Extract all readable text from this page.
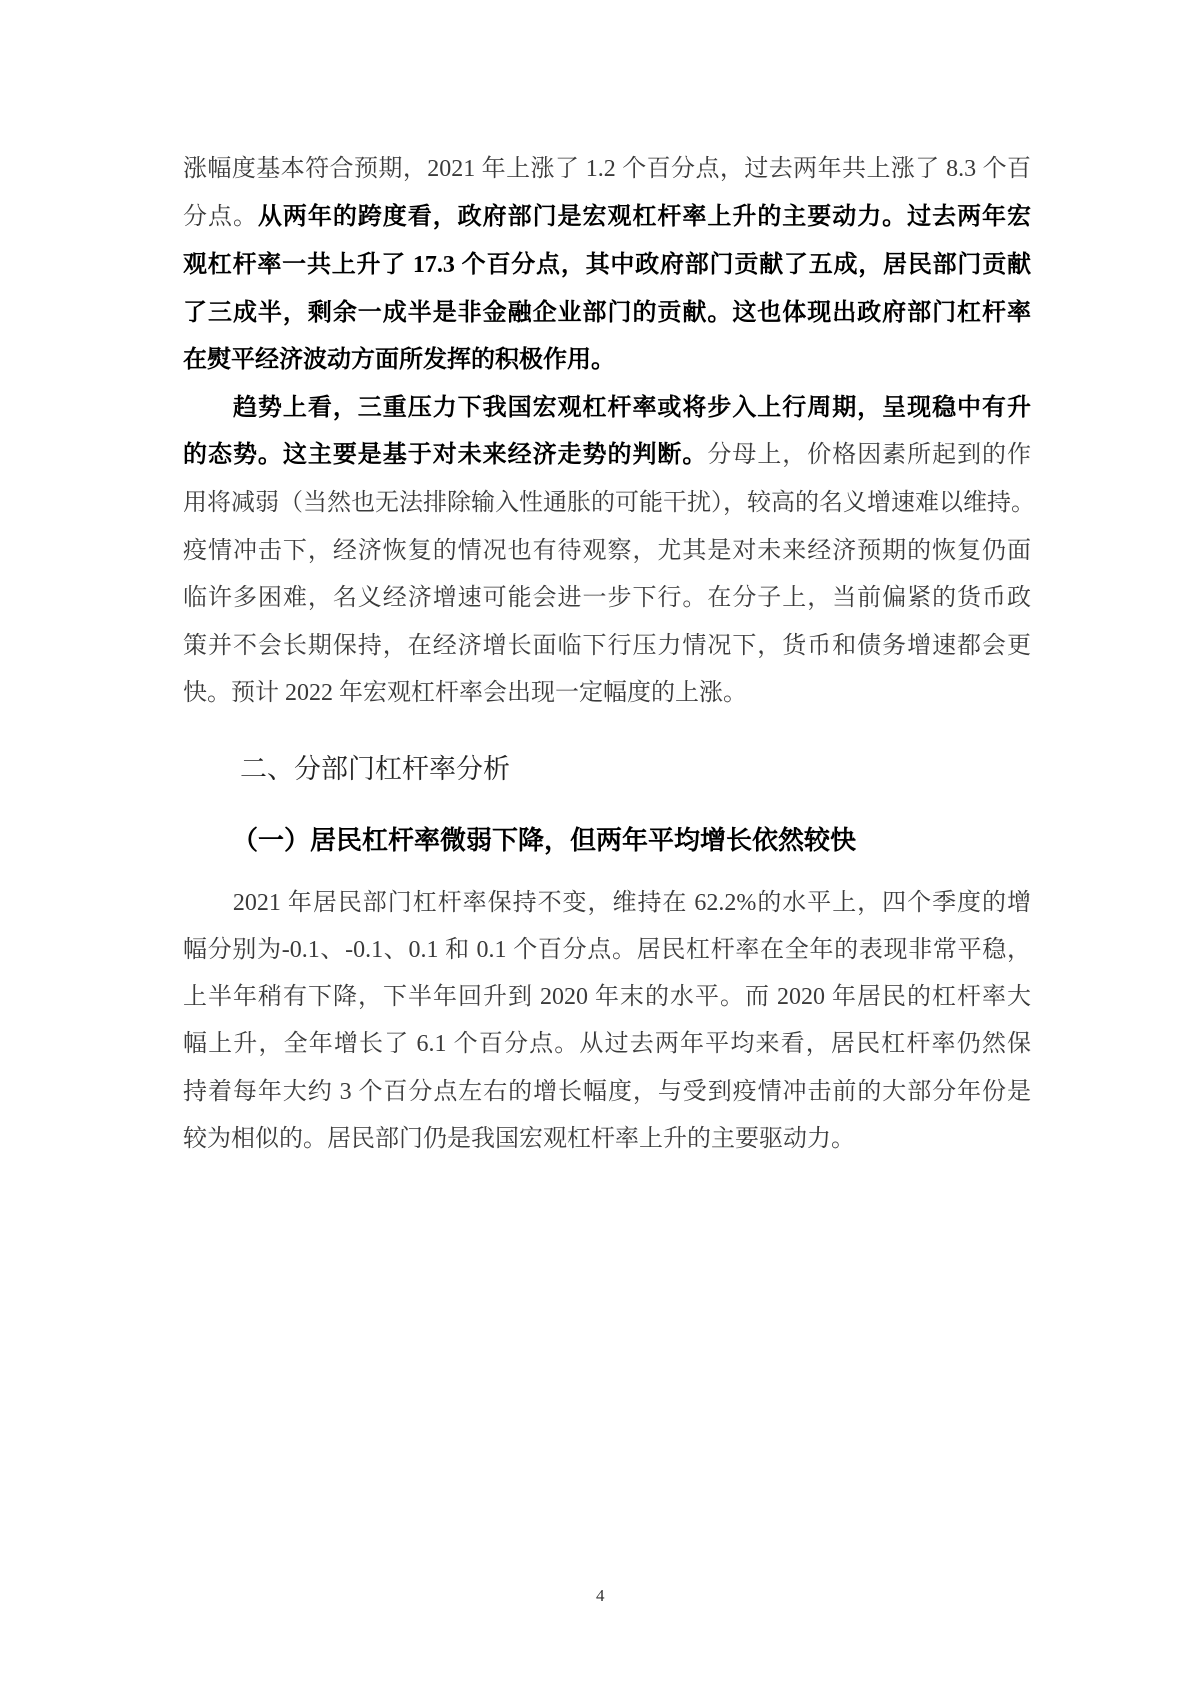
二、分部门杠杆率分析
（一）居民杠杆率微弱下降，但两年平均增长依然较快
4
涨幅度基本符合预期，2021 年上涨了 1.2 个百分点，过去两年共上涨了 8.3 个百
分点。从两年的跨度看，政府部门是宏观杠杆率上升的主要动力。过去两年宏
观杠杆率一共上升了 17.3 个百分点，其中政府部门贡献了五成，居民部门贡献
了三成半，剩余一成半是非金融企业部门的贡献。这也体现出政府部门杠杆率
在熨平经济波动方面所发挥的积极作用。
　　趋势上看，三重压力下我国宏观杠杆率或将步入上行周期，呈现稳中有升
的态势。这主要是基于对未来经济走势的判断。分母上，价格因素所起到的作
用将减弱（当然也无法排除输入性通胀的可能干扰），较高的名义增速难以维持。
疫情冲击下，经济恢复的情况也有待观察，尤其是对未来经济预期的恢复仍面
临许多困难，名义经济增速可能会进一步下行。在分子上，当前偏紧的货币政
策并不会长期保持，在经济增长面临下行压力情况下，货币和债务增速都会更
快。预计 2022 年宏观杠杆率会出现一定幅度的上涨。
　　2021 年居民部门杠杆率保持不变，维持在 62.2%的水平上，四个季度的增
幅分别为-0.1、-0.1、0.1 和 0.1 个百分点。居民杠杆率在全年的表现非常平稳，
上半年稍有下降，下半年回升到 2020 年末的水平。而 2020 年居民的杠杆率大
幅上升，全年增长了 6.1 个百分点。从过去两年平均来看，居民杠杆率仍然保
持着每年大约 3 个百分点左右的增长幅度，与受到疫情冲击前的大部分年份是
较为相似的。居民部门仍是我国宏观杠杆率上升的主要驱动力。
